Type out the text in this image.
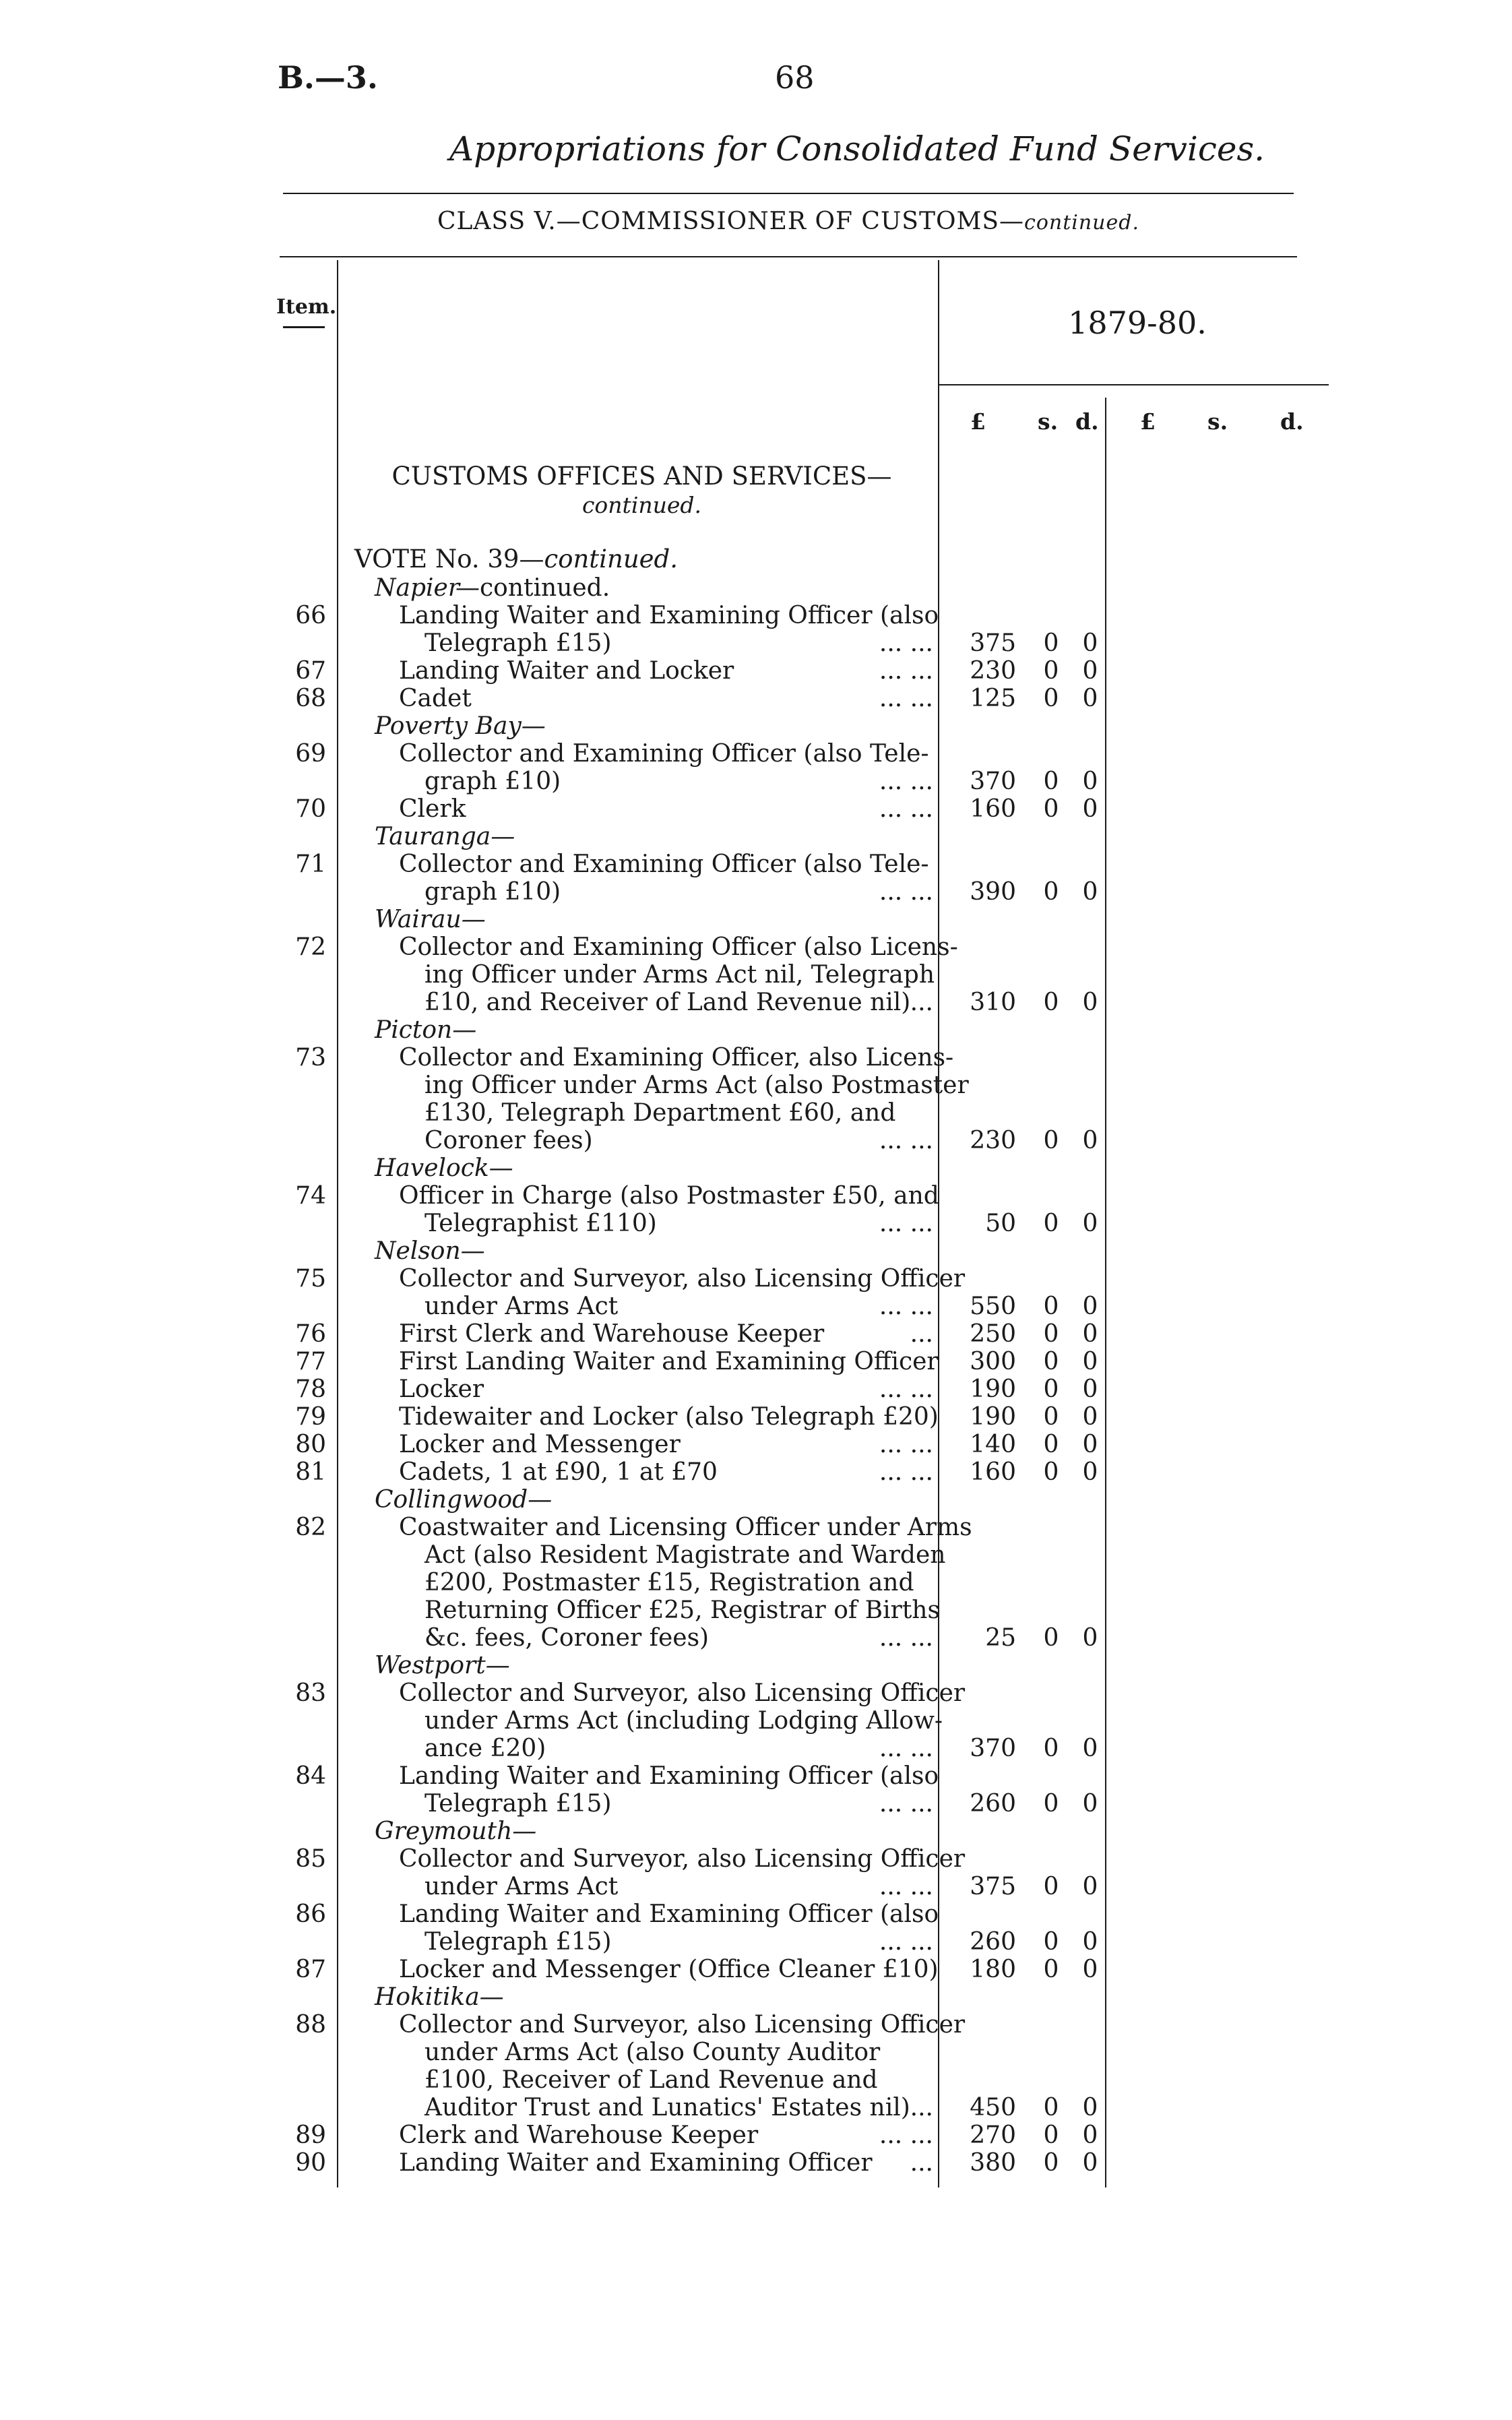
B.—3.	68
Appropriations for Consolidated Fund Services.
CLASS V.—COMMISSIONER OF CUSTOMS—continued.
Item.	1879-80.
£ s. d. £ s. d.
CUSTOMS OFFICES AND SERVICES—
continued.
VOTE No. 39—continued.
Napier
—continued.
66	Landing Waiter and Examining Officer (also
Telegraph £15)	... ...	375 0 0
67	Landing Waiter and Locker	... ...	230 0 0
68	Cadet	... ...	125 0 0
Poverty Bay—
69	Collector and Examining Officer (also Tele-
graph £10)	... ...	370 0 0
70	Clerk	... ...	160 0 0
Tauranga—
71	Collector and Examining Officer (also Tele-
graph £10)	... ...	390 0 0
Wairau—
72	Collector and Examining Officer (also Licens-
ing Officer under Arms Act nil, Telegraph
£10, and Receiver of Land Revenue nil) ...	310 0 0
Picton—
73	Collector and Examining Officer, also Licens-
ing Officer under Arms Act (also Postmaster
£130, Telegraph Department £60, and
Coroner fees)	... ...	230 0 0
Havelock—
74	Officer in Charge (also Postmaster £50, and
Telegraphist £110)	... ...	50 0 0
Nelson—
75	Collector and Surveyor, also Licensing Officer
under Arms Act	... ...	550 0 0
76	First Clerk and Warehouse Keeper	...	250 0 0
77	First Landing Waiter and Examining Officer	300 0 0
78	Locker	... ...	190 0 0
79	Tidewaiter and Locker (also Telegraph £20)	190 0 0
80	Locker and Messenger	... ...	140 0 0
81	Cadets, 1 at £90, 1 at £70	... ...	160 0 0
Collingwood—
82	Coastwaiter and Licensing Officer under Arms
Act (also Resident Magistrate and Warden
£200, Postmaster £15, Registration and
Returning Officer £25, Registrar of Births
&c. fees, Coroner fees)	... ...	25 0 0
Westport—
83	Collector and Surveyor, also Licensing Officer
under Arms Act (including Lodging Allow-
ance £20)	... ...	370 0 0
84	Landing Waiter and Examining Officer (also
Telegraph £15)	... ...	260 0 0
Greymouth—
85	Collector and Surveyor, also Licensing Officer
under Arms Act	... ...	375 0 0
86	Landing Waiter and Examining Officer (also
Telegraph £15)	... ...	260 0 0
87	Locker and Messenger (Office Cleaner £10)	180 0 0
Hokitika—
88	Collector and Surveyor, also Licensing Officer
under Arms Act (also County Auditor
£100, Receiver of Land Revenue and
Auditor Trust and Lunatics' Estates nil) ...	450 0 0
89	Clerk and Warehouse Keeper	... ...	270 0 0
90	Landing Waiter and Examining Officer	...	380 0 0
